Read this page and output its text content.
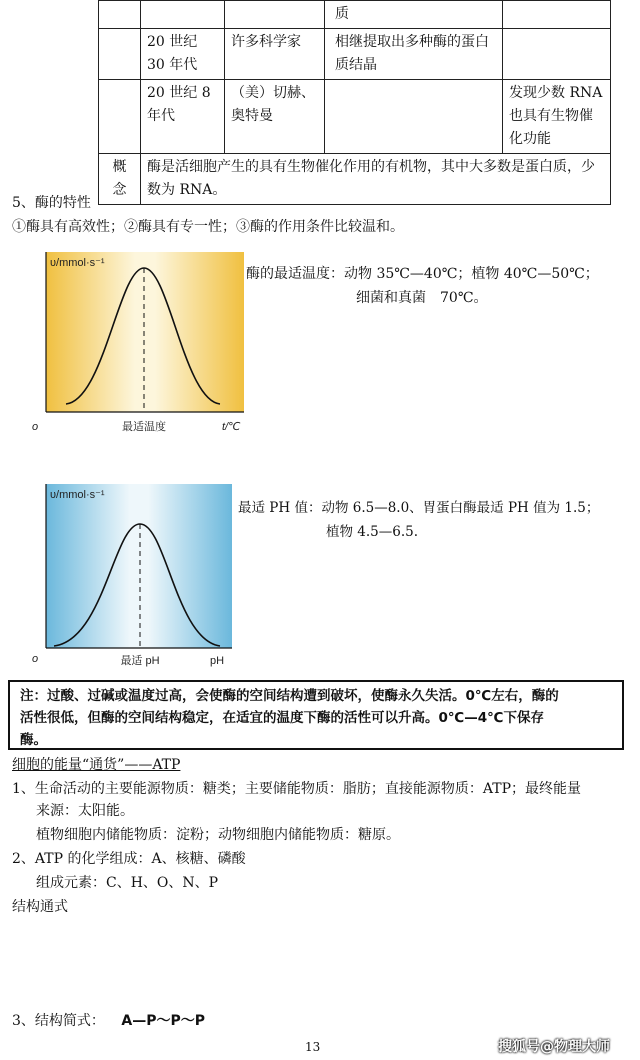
			质	
	20 世纪 30 年代	许多科学家	相继提取出多种酶的蛋白质结晶	
	20 世纪 8 年代	（美）切赫、奥特曼		发现少数 RNA 也具有生物催化功能
概念	酶是活细胞产生的具有生物催化作用的有机物，其中大多数是蛋白质，少数为 RNA。			
5、酶的特性
①酶具有高效性；②酶具有专一性；③酶的作用条件比较温和。
υ/mmol·s⁻¹
o	最适温度	t/℃
酶的最适温度：动物 35℃—40℃；植物 40℃—50℃；
细菌和真菌　70℃。
υ/mmol·s⁻¹
o	最适 pH	pH
最适 PH 值：动物 6.5—8.0、胃蛋白酶最适 PH 值为 1.5；
植物 4.5—6.5.
注：过酸、过碱或温度过高，会使酶的空间结构遭到破坏，使酶永久失活。0℃左右，酶的
活性很低，但酶的空间结构稳定，在适宜的温度下酶的活性可以升高。0℃—4℃下保存
酶。
细胞的能量“通货”——ATP
1、生命活动的主要能源物质：糖类；主要储能物质：脂肪；直接能源物质：ATP；最终能量
来源：太阳能。
植物细胞内储能物质：淀粉；动物细胞内储能物质：糖原。
2、ATP 的化学组成：A、核糖、磷酸
组成元素：C、H、O、N、P
结构通式
3、结构简式： A—P～P～P
13	搜狐号@物理大师
